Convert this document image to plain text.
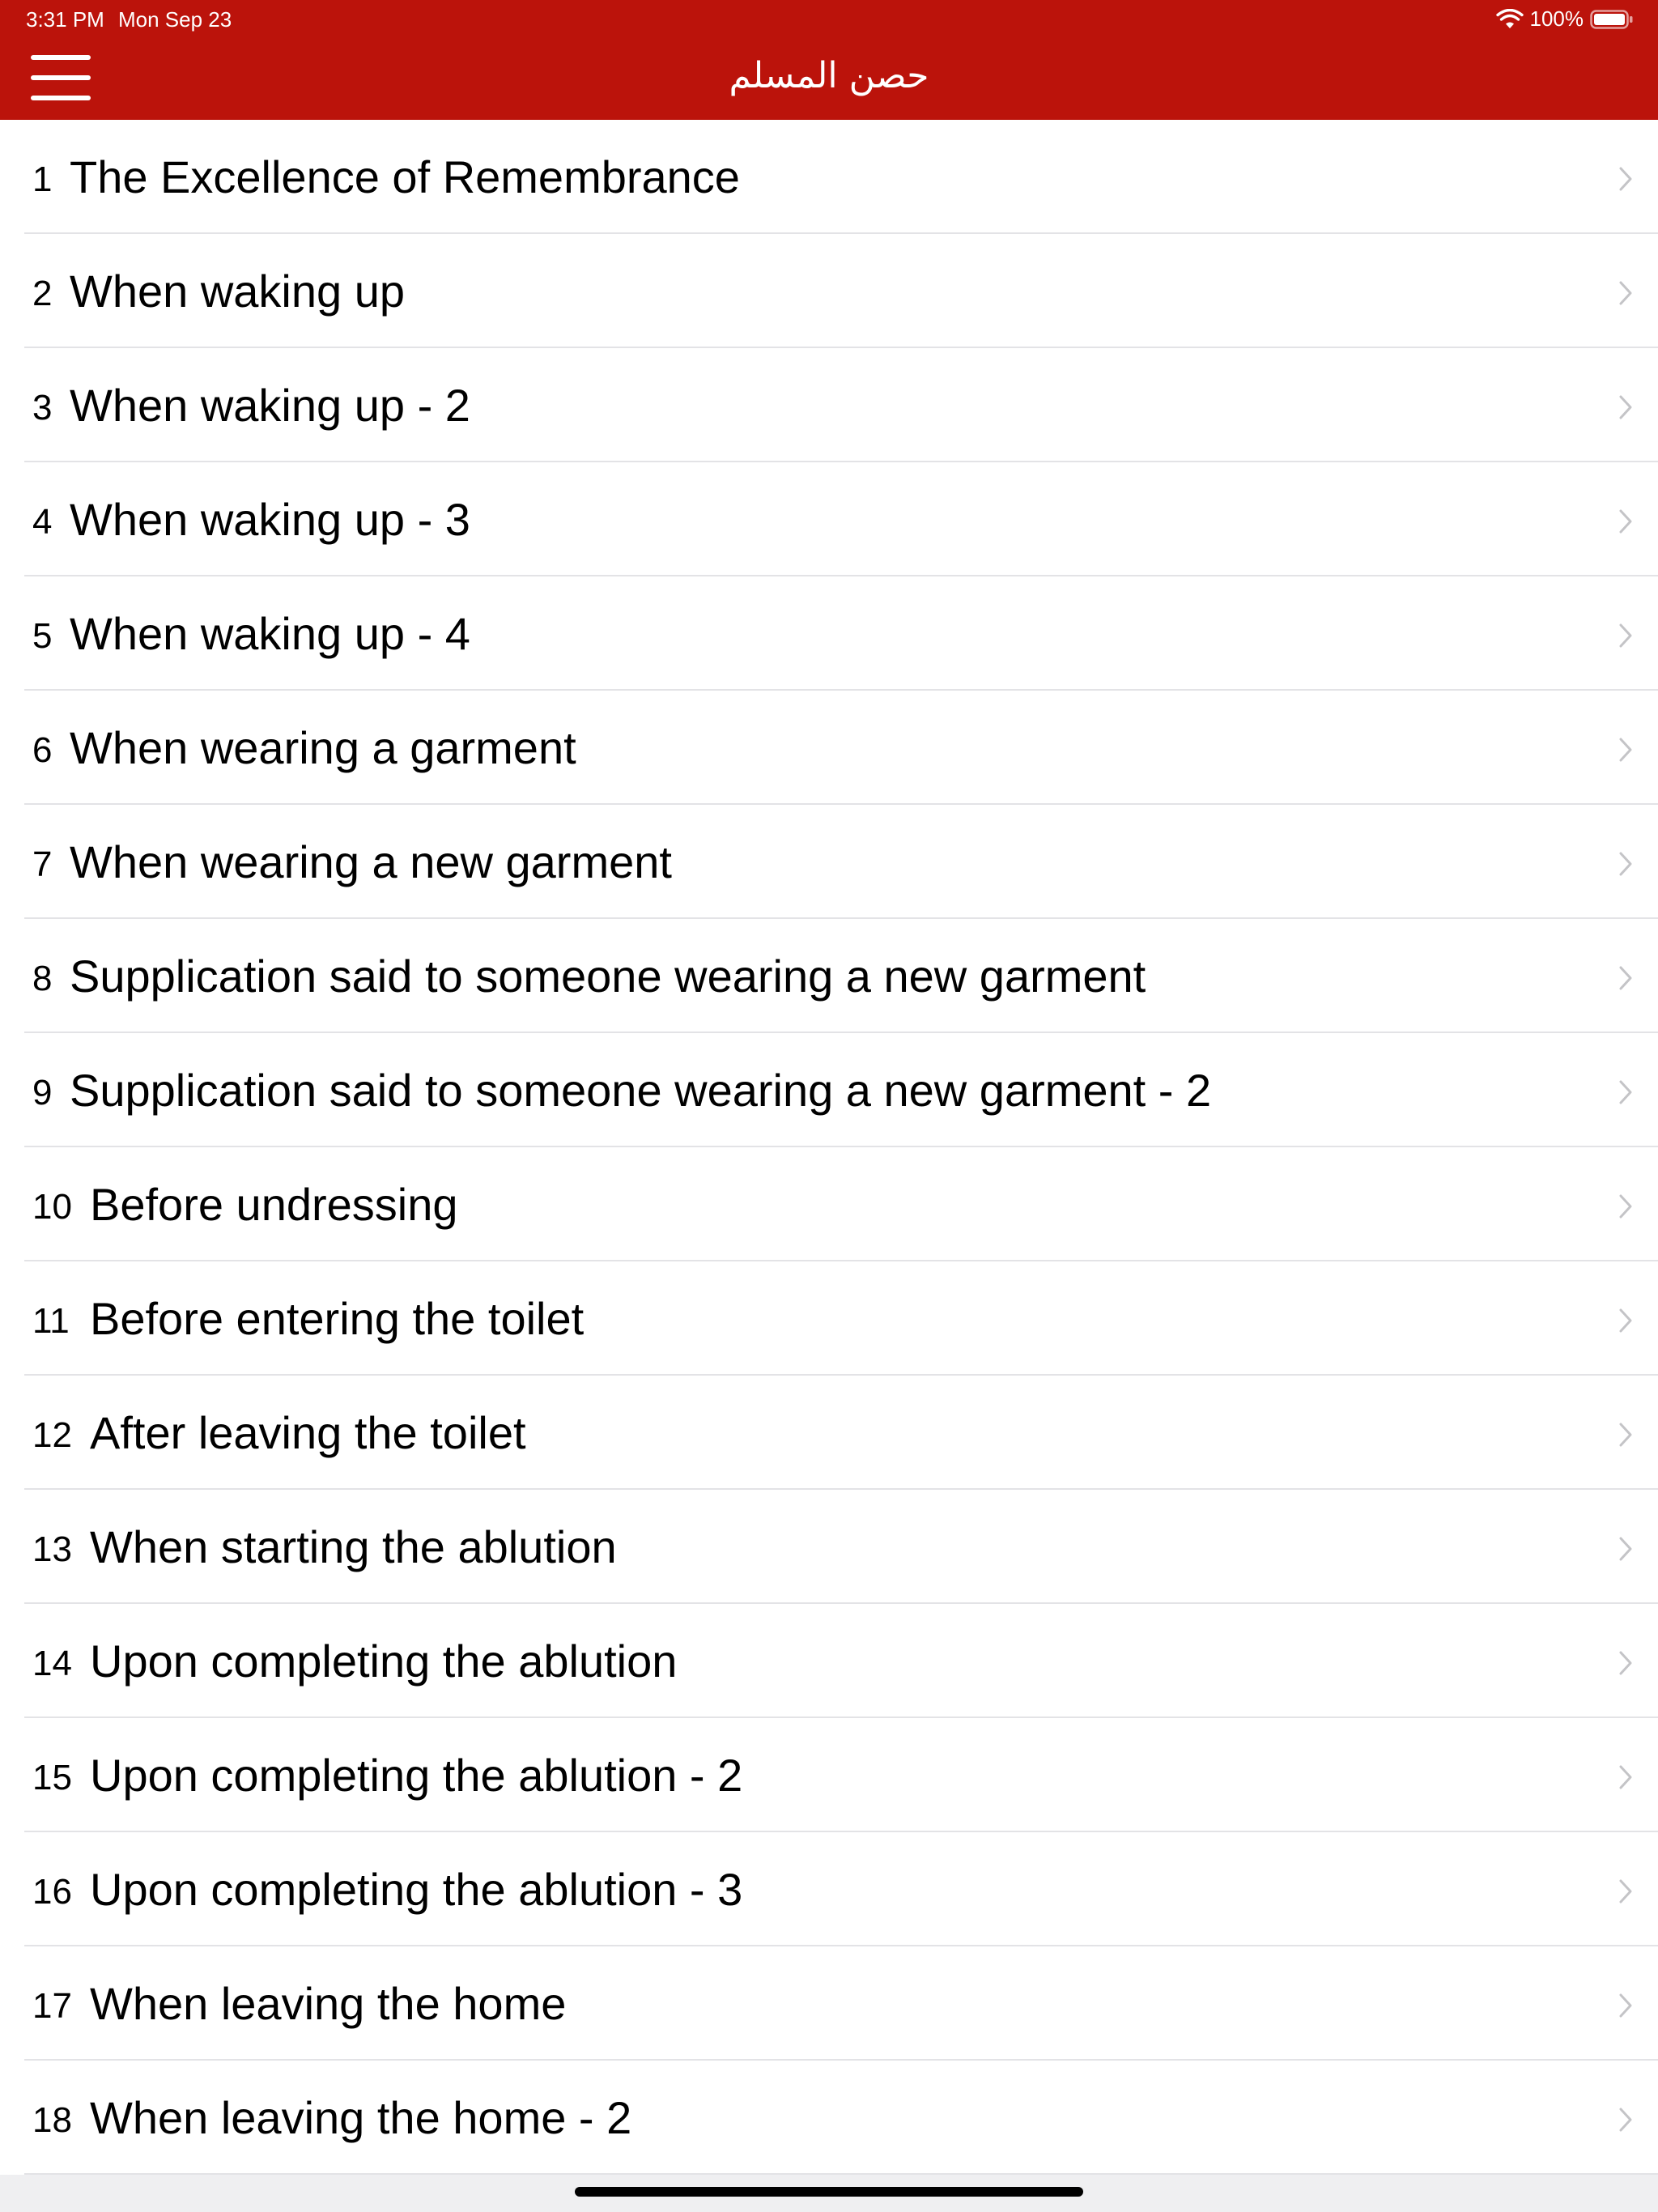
3:31 PM Mon Sep 23	100%
حصن المسلم
1 The Excellence of Remembrance
2 When waking up
3 When waking up - 2
4 When waking up - 3
5 When waking up - 4
6 When wearing a garment
7 When wearing a new garment
8 Supplication said to someone wearing a new garment
9 Supplication said to someone wearing a new garment - 2
10 Before undressing
11 Before entering the toilet
12 After leaving the toilet
13 When starting the ablution
14 Upon completing the ablution
15 Upon completing the ablution - 2
16 Upon completing the ablution - 3
17 When leaving the home
18 When leaving the home - 2
